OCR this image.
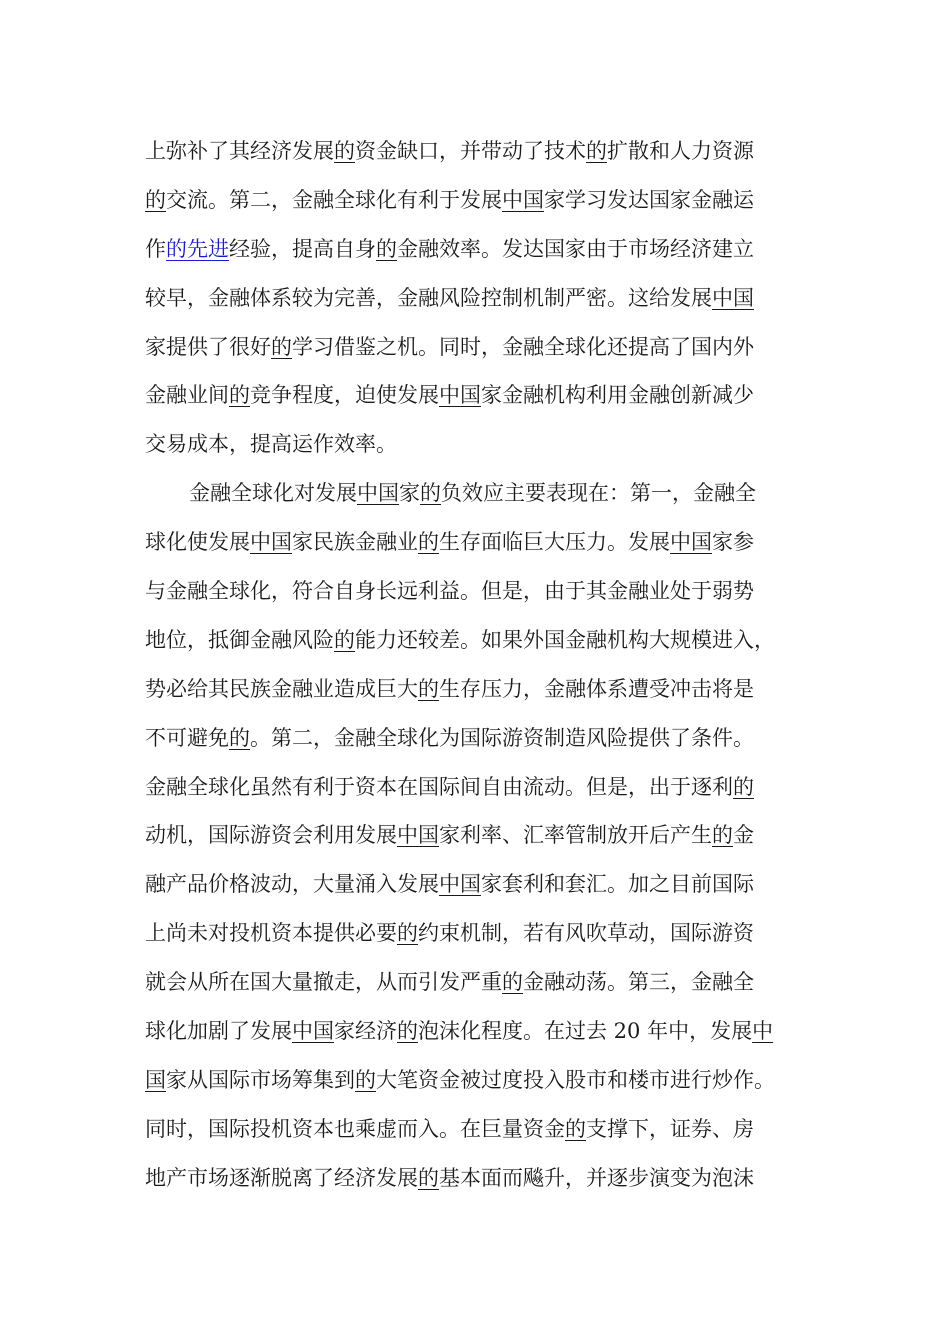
上弥补了其经济发展的资金缺口，并带动了技术的扩散和人力资源
的交流。第二，金融全球化有利于发展中国家学习发达国家金融运
作的先进经验，提高自身的金融效率。发达国家由于市场经济建立
较早，金融体系较为完善，金融风险控制机制严密。这给发展中国
家提供了很好的学习借鉴之机。同时，金融全球化还提高了国内外
金融业间的竞争程度，迫使发展中国家金融机构利用金融创新减少
交易成本，提高运作效率。
金融全球化对发展中国家的负效应主要表现在：第一，金融全
球化使发展中国家民族金融业的生存面临巨大压力。发展中国家参
与金融全球化，符合自身长远利益。但是，由于其金融业处于弱势
地位，抵御金融风险的能力还较差。如果外国金融机构大规模进入，
势必给其民族金融业造成巨大的生存压力，金融体系遭受冲击将是
不可避免的。第二，金融全球化为国际游资制造风险提供了条件。
金融全球化虽然有利于资本在国际间自由流动。但是，出于逐利的
动机，国际游资会利用发展中国家利率、汇率管制放开后产生的金
融产品价格波动，大量涌入发展中国家套利和套汇。加之目前国际
上尚未对投机资本提供必要的约束机制，若有风吹草动，国际游资
就会从所在国大量撤走，从而引发严重的金融动荡。第三，金融全
球化加剧了发展中国家经济的泡沫化程度。在过去 20 年中，发展中
国家从国际市场筹集到的大笔资金被过度投入股市和楼市进行炒作。
同时，国际投机资本也乘虚而入。在巨量资金的支撑下，证券、房
地产市场逐渐脱离了经济发展的基本面而飚升，并逐步演变为泡沫
